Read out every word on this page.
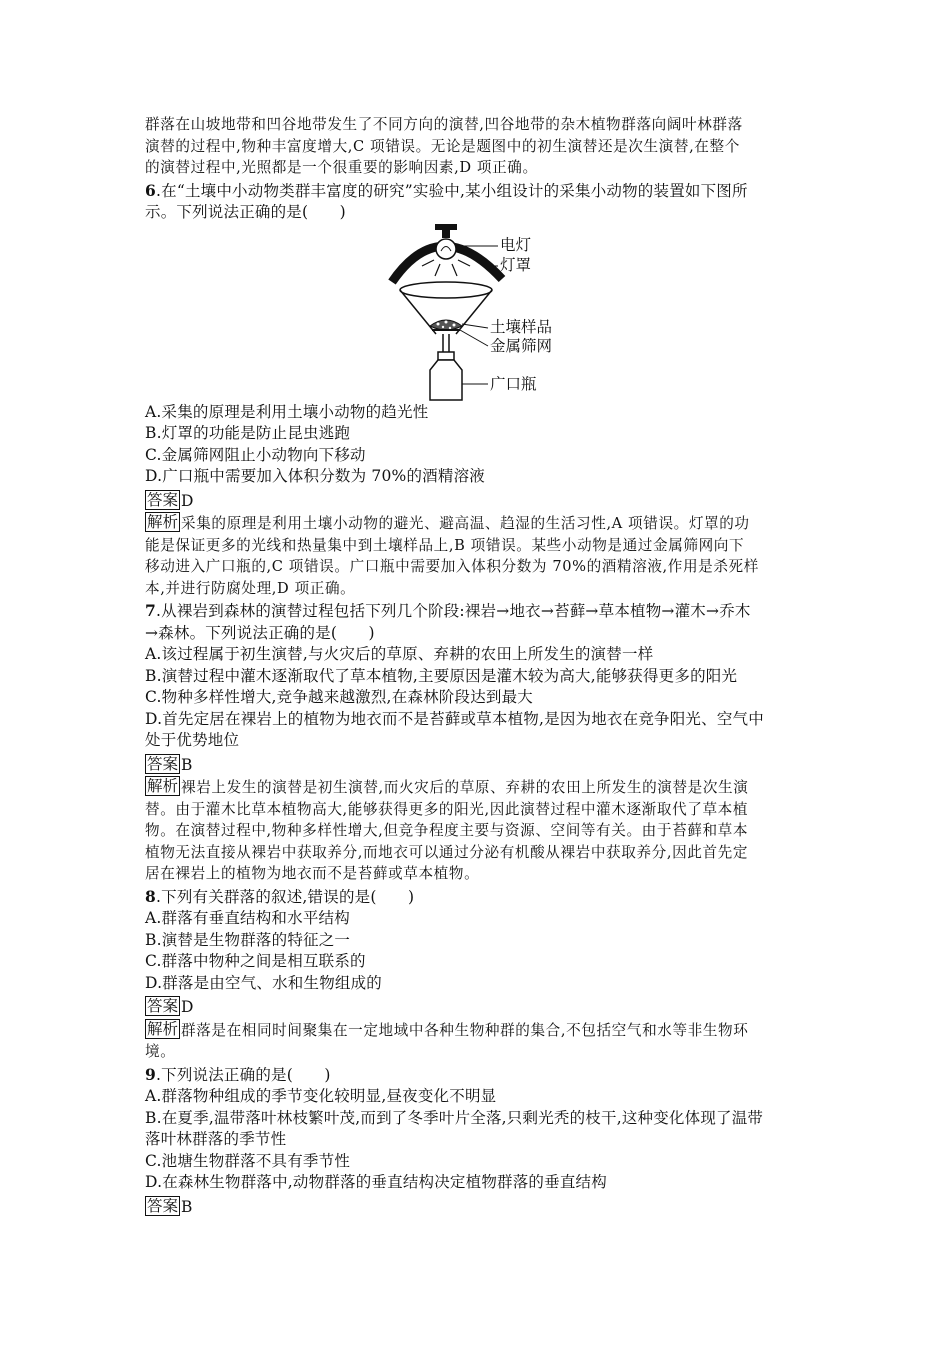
群落在山坡地带和凹谷地带发生了不同方向的演替,凹谷地带的杂木植物群落向阔叶林群落
演替的过程中,物种丰富度增大,C 项错误。无论是题图中的初生演替还是次生演替,在整个
的演替过程中,光照都是一个很重要的影响因素,D 项正确。
6.在“土壤中小动物类群丰富度的研究”实验中,某小组设计的采集小动物的装置如下图所
示。下列说法正确的是(　　)
电灯
灯罩
土壤样品
金属筛网
广口瓶
A.采集的原理是利用土壤小动物的趋光性
B.灯罩的功能是防止昆虫逃跑
C.金属筛网阻止小动物向下移动
D.广口瓶中需要加入体积分数为 70%的酒精溶液
答案 D
解析 采集的原理是利用土壤小动物的避光、避高温、趋湿的生活习性,A 项错误。灯罩的功
能是保证更多的光线和热量集中到土壤样品上,B 项错误。某些小动物是通过金属筛网向下
移动进入广口瓶的,C 项错误。广口瓶中需要加入体积分数为 70%的酒精溶液,作用是杀死样
本,并进行防腐处理,D 项正确。
7.从裸岩到森林的演替过程包括下列几个阶段:裸岩→地衣→苔藓→草本植物→灌木→乔木
→森林。下列说法正确的是(　　)
A.该过程属于初生演替,与火灾后的草原、弃耕的农田上所发生的演替一样
B.演替过程中灌木逐渐取代了草本植物,主要原因是灌木较为高大,能够获得更多的阳光
C.物种多样性增大,竞争越来越激烈,在森林阶段达到最大
D.首先定居在裸岩上的植物为地衣而不是苔藓或草本植物,是因为地衣在竞争阳光、空气中
处于优势地位
答案 B
解析 裸岩上发生的演替是初生演替,而火灾后的草原、弃耕的农田上所发生的演替是次生演
替。由于灌木比草本植物高大,能够获得更多的阳光,因此演替过程中灌木逐渐取代了草本植
物。在演替过程中,物种多样性增大,但竞争程度主要与资源、空间等有关。由于苔藓和草本
植物无法直接从裸岩中获取养分,而地衣可以通过分泌有机酸从裸岩中获取养分,因此首先定
居在裸岩上的植物为地衣而不是苔藓或草本植物。
8.下列有关群落的叙述,错误的是(　　)
A.群落有垂直结构和水平结构
B.演替是生物群落的特征之一
C.群落中物种之间是相互联系的
D.群落是由空气、水和生物组成的
答案 D
解析 群落是在相同时间聚集在一定地域中各种生物种群的集合,不包括空气和水等非生物环
境。
9.下列说法正确的是(　　)
A.群落物种组成的季节变化较明显,昼夜变化不明显
B.在夏季,温带落叶林枝繁叶茂,而到了冬季叶片全落,只剩光秃的枝干,这种变化体现了温带
落叶林群落的季节性
C.池塘生物群落不具有季节性
D.在森林生物群落中,动物群落的垂直结构决定植物群落的垂直结构
答案 B
